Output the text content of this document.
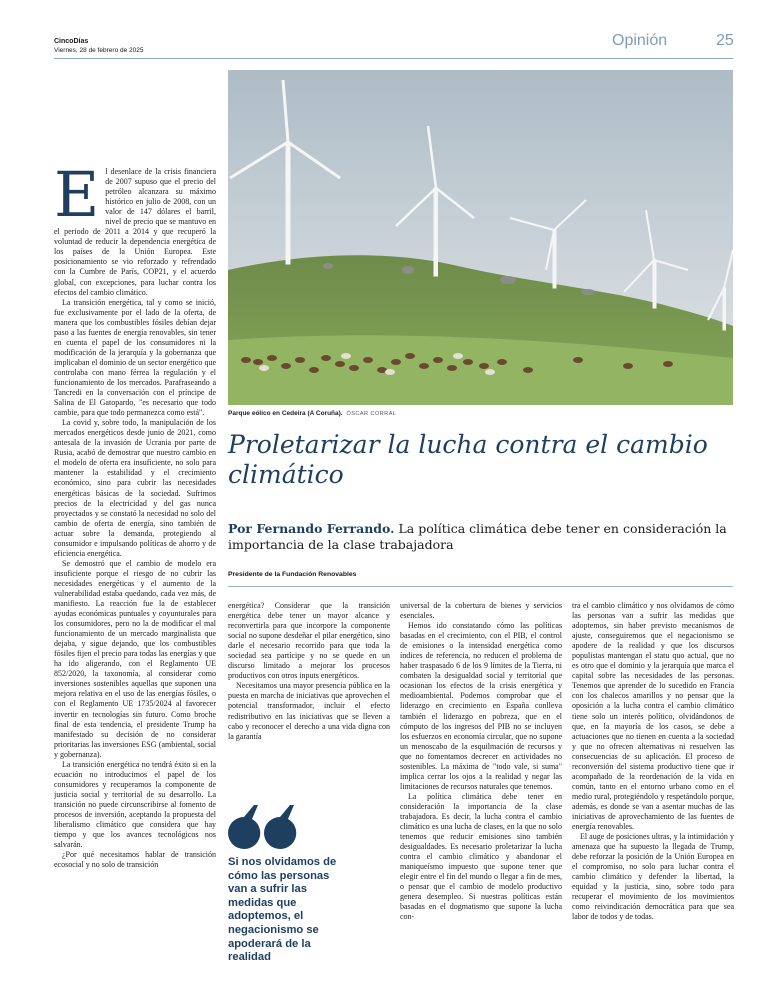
CincoDías
Viernes, 28 de febrero de 2025
Opinión	25
Parque eólico en Cedeira (A Coruña). ÓSCAR CORRAL
Proletarizar la lucha contra el cambio climático
Por Fernando Ferrando. La política climática debe tener en consideración la importancia de la clase trabajadora
Presidente de la Fundación Renovables
E l desenlace de la crisis financiera de 2007 supuso que el precio del petróleo alcanzara su máximo histórico en julio de 2008, con un valor de 147 dólares el barril, nivel de precio que se mantuvo en el periodo de 2011 a 2014 y que recuperó la voluntad de reducir la dependencia energética de los países de la Unión Europea. Este posicionamiento se vio reforzado y refrendado con la Cumbre de París, COP21, y el acuerdo global, con excepciones, para luchar contra los efectos del cambio climático.

La transición energética, tal y como se inició, fue exclusivamente por el lado de la oferta, de manera que los combustibles fósiles debían dejar paso a las fuentes de energía renovables, sin tener en cuenta el papel de los consumidores ni la modificación de la jerarquía y la gobernanza que implicaban el dominio de un sector energético que controlaba con mano férrea la regulación y el funcionamiento de los mercados. Parafraseando a Tancredi en la conversación con el príncipe de Salina de El Gatopardo, "es necesario que todo cambie, para que todo permanezca como está".

La covid y, sobre todo, la manipulación de los mercados energéticos desde junio de 2021, como antesala de la invasión de Ucrania por parte de Rusia, acabó de demostrar que nuestro cambio en el modelo de oferta era insuficiente, no solo para mantener la estabilidad y el crecimiento económico, sino para cubrir las necesidades energéticas básicas de la sociedad. Sufrimos precios de la electricidad y del gas nunca proyectados y se constató la necesidad no solo del cambio de oferta de energía, sino también de actuar sobre la demanda, protegiendo al consumidor e impulsando políticas de ahorro y de eficiencia energética.

Se demostró que el cambio de modelo era insuficiente porque el riesgo de no cubrir las necesidades energéticas y el aumento de la vulnerabilidad estaba quedando, cada vez más, de manifiesto. La reacción fue la de establecer ayudas económicas puntuales y coyunturales para los consumidores, pero no la de modificar el mal funcionamiento de un mercado marginalista que dejaba, y sigue dejando, que los combustibles fósiles fijen el precio para todas las energías y que ha ido aligerando, con el Reglamento UE 852/2020, la taxonomía, al considerar como inversiones sostenibles aquellas que suponen una mejora relativa en el uso de las energías fósiles, o con el Reglamento UE 1735/2024 al favorecer invertir en tecnologías sin futuro. Como broche final de esta tendencia, el presidente Trump ha manifestado su decisión de no considerar prioritarias las inversiones ESG (ambiental, social y gobernanza).

La transición energética no tendrá éxito si en la ecuación no introducimos el papel de los consumidores y recuperamos la componente de justicia social y territorial de su desarrollo. La transición no puede circunscribirse al fomento de procesos de inversión, aceptando la propuesta del liberalismo climático que considera que hay tiempo y que los avances tecnológicos nos salvarán.

¿Por qué necesitamos hablar de transición ecosocial y no solo de transición

energética? Considerar que la transición energética debe tener un mayor alcance y reconvertirla para que incorpore la componente social no supone desdeñar el pilar energético, sino darle el necesario recorrido para que toda la sociedad sea partícipe y no se quede en un discurso limitado a mejorar los procesos productivos con otros inputs energéticos.

Necesitamos una mayor presencia pública en la puesta en marcha de iniciativas que aprovechen el potencial transformador, incluir el efecto redistributivo en las iniciativas que se lleven a cabo y reconocer el derecho a una vida digna con la garantía

Si nos olvidamos de cómo las personas van a sufrir las medidas que adoptemos, el negacionismo se apoderará de la realidad

universal de la cobertura de bienes y servicios esenciales.

Hemos ido constatando cómo las políticas basadas en el crecimiento, con el PIB, el control de emisiones o la intensidad energética como índices de referencia, no reducen el problema de haber traspasado 6 de los 9 límites de la Tierra, ni combaten la desigualdad social y territorial que ocasionan los efectos de la crisis energética y medioambiental. Podemos comprobar que el liderazgo en crecimiento en España conlleva también el liderazgo en pobreza, que en el cómputo de los ingresos del PIB no se incluyen los esfuerzos en economía circular, que no supone un menoscabo de la esquilmación de recursos y que no fomentamos decrecer en actividades no sostenibles. La máxima de "todo vale, si suma" implica cerrar los ojos a la realidad y negar las limitaciones de recursos naturales que tenemos.

La política climática debe tener en consideración la importancia de la clase trabajadora. Es decir, la lucha contra el cambio climático es una lucha de clases, en la que no solo tenemos que reducir emisiones sino también desigualdades. Es necesario proletarizar la lucha contra el cambio climático y abandonar el maniqueísmo impuesto que supone tener que elegir entre el fin del mundo o llegar a fin de mes, o pensar que el cambio de modelo productivo genera desempleo. Si nuestras políticas están basadas en el dogmatismo que supone la lucha con-

tra el cambio climático y nos olvidamos de cómo las personas van a sufrir las medidas que adoptemos, sin haber previsto mecanismos de ajuste, conseguiremos que el negacionismo se apodere de la realidad y que los discursos populistas mantengan el statu quo actual, que no es otro que el dominio y la jerarquía que marca el capital sobre las necesidades de las personas. Tenemos que aprender de lo sucedido en Francia con los chalecos amarillos y no pensar que la oposición a la lucha contra el cambio climático tiene solo un interés político, olvidándonos de que, en la mayoría de los casos, se debe a actuaciones que no tienen en cuenta a la sociedad y que no ofrecen alternativas ni resuelven las consecuencias de su aplicación. El proceso de reconversión del sistema productivo tiene que ir acompañado de la reordenación de la vida en común, tanto en el entorno urbano como en el medio rural, protegiéndolo y respetándolo porque, además, es donde se van a asentar muchas de las iniciativas de aprovechamiento de las fuentes de energía renovables.

El auge de posiciones ultras, y la intimidación y amenaza que ha supuesto la llegada de Trump, debe reforzar la posición de la Unión Europea en el compromiso, no solo para luchar contra el cambio climático y defender la libertad, la equidad y la justicia, sino, sobre todo para recuperar el movimiento de los movimientos como reivindicación democrática para que sea labor de todos y de todas.
